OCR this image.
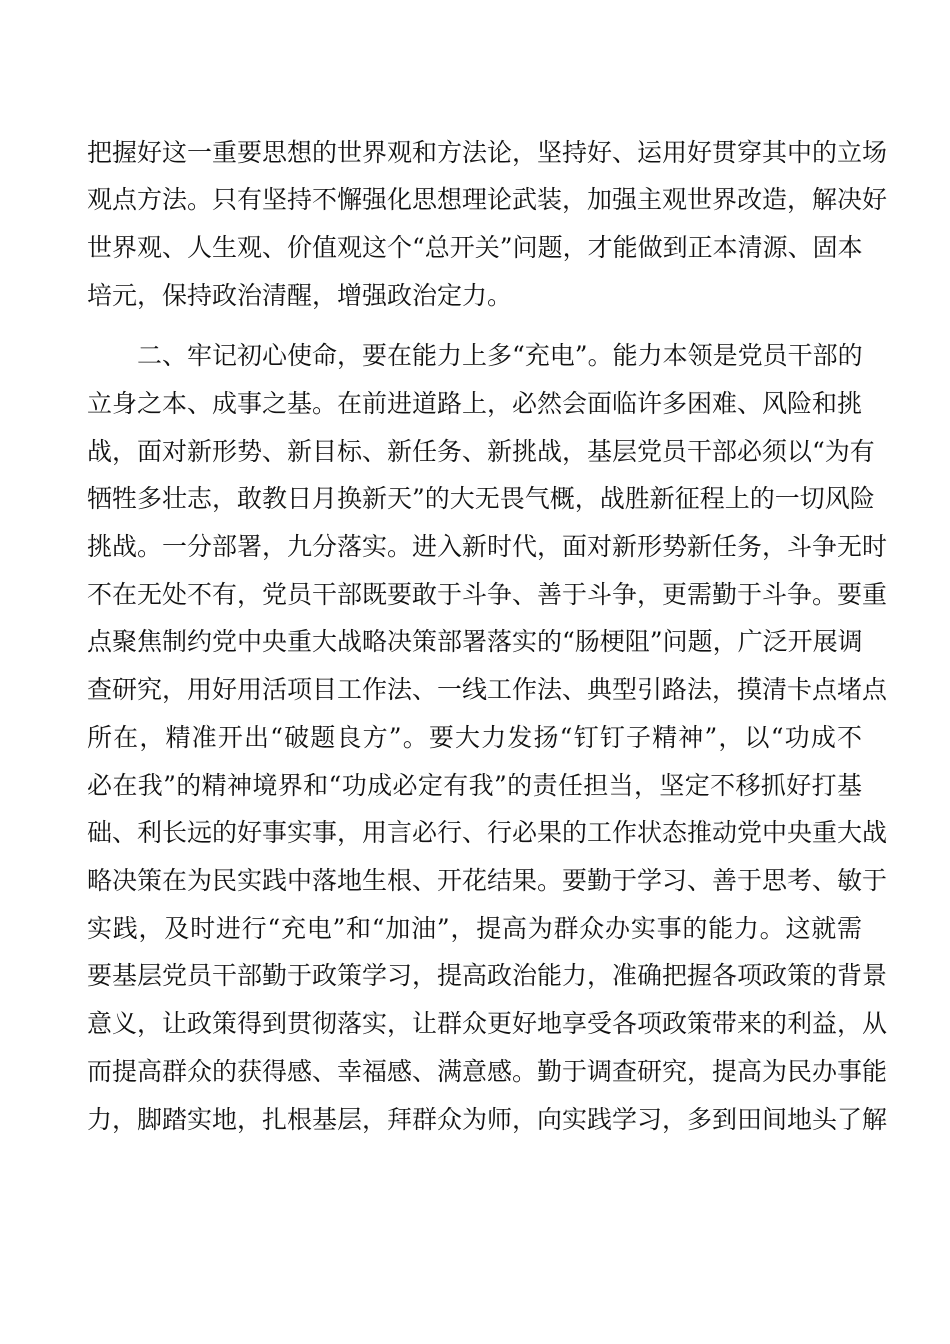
把握好这一重要思想的世界观和方法论，坚持好、运用好贯穿其中的立场
观点方法。只有坚持不懈强化思想理论武装，加强主观世界改造，解决好
世界观、人生观、价值观这个“总开关”问题，才能做到正本清源、固本
培元，保持政治清醒，增强政治定力。
二、牢记初心使命，要在能力上多“充电”。能力本领是党员干部的
立身之本、成事之基。在前进道路上，必然会面临许多困难、风险和挑
战，面对新形势、新目标、新任务、新挑战，基层党员干部必须以“为有
牺牲多壮志，敢教日月换新天”的大无畏气概，战胜新征程上的一切风险
挑战。一分部署，九分落实。进入新时代，面对新形势新任务，斗争无时
不在无处不有，党员干部既要敢于斗争、善于斗争，更需勤于斗争。要重
点聚焦制约党中央重大战略决策部署落实的“肠梗阻”问题，广泛开展调
查研究，用好用活项目工作法、一线工作法、典型引路法，摸清卡点堵点
所在，精准开出“破题良方”。要大力发扬“钉钉子精神”，以“功成不
必在我”的精神境界和“功成必定有我”的责任担当，坚定不移抓好打基
础、利长远的好事实事，用言必行、行必果的工作状态推动党中央重大战
略决策在为民实践中落地生根、开花结果。要勤于学习、善于思考、敏于
实践，及时进行“充电”和“加油”，提高为群众办实事的能力。这就需
要基层党员干部勤于政策学习，提高政治能力，准确把握各项政策的背景
意义，让政策得到贯彻落实，让群众更好地享受各项政策带来的利益，从
而提高群众的获得感、幸福感、满意感。勤于调查研究，提高为民办事能
力，脚踏实地，扎根基层，拜群众为师，向实践学习，多到田间地头了解
